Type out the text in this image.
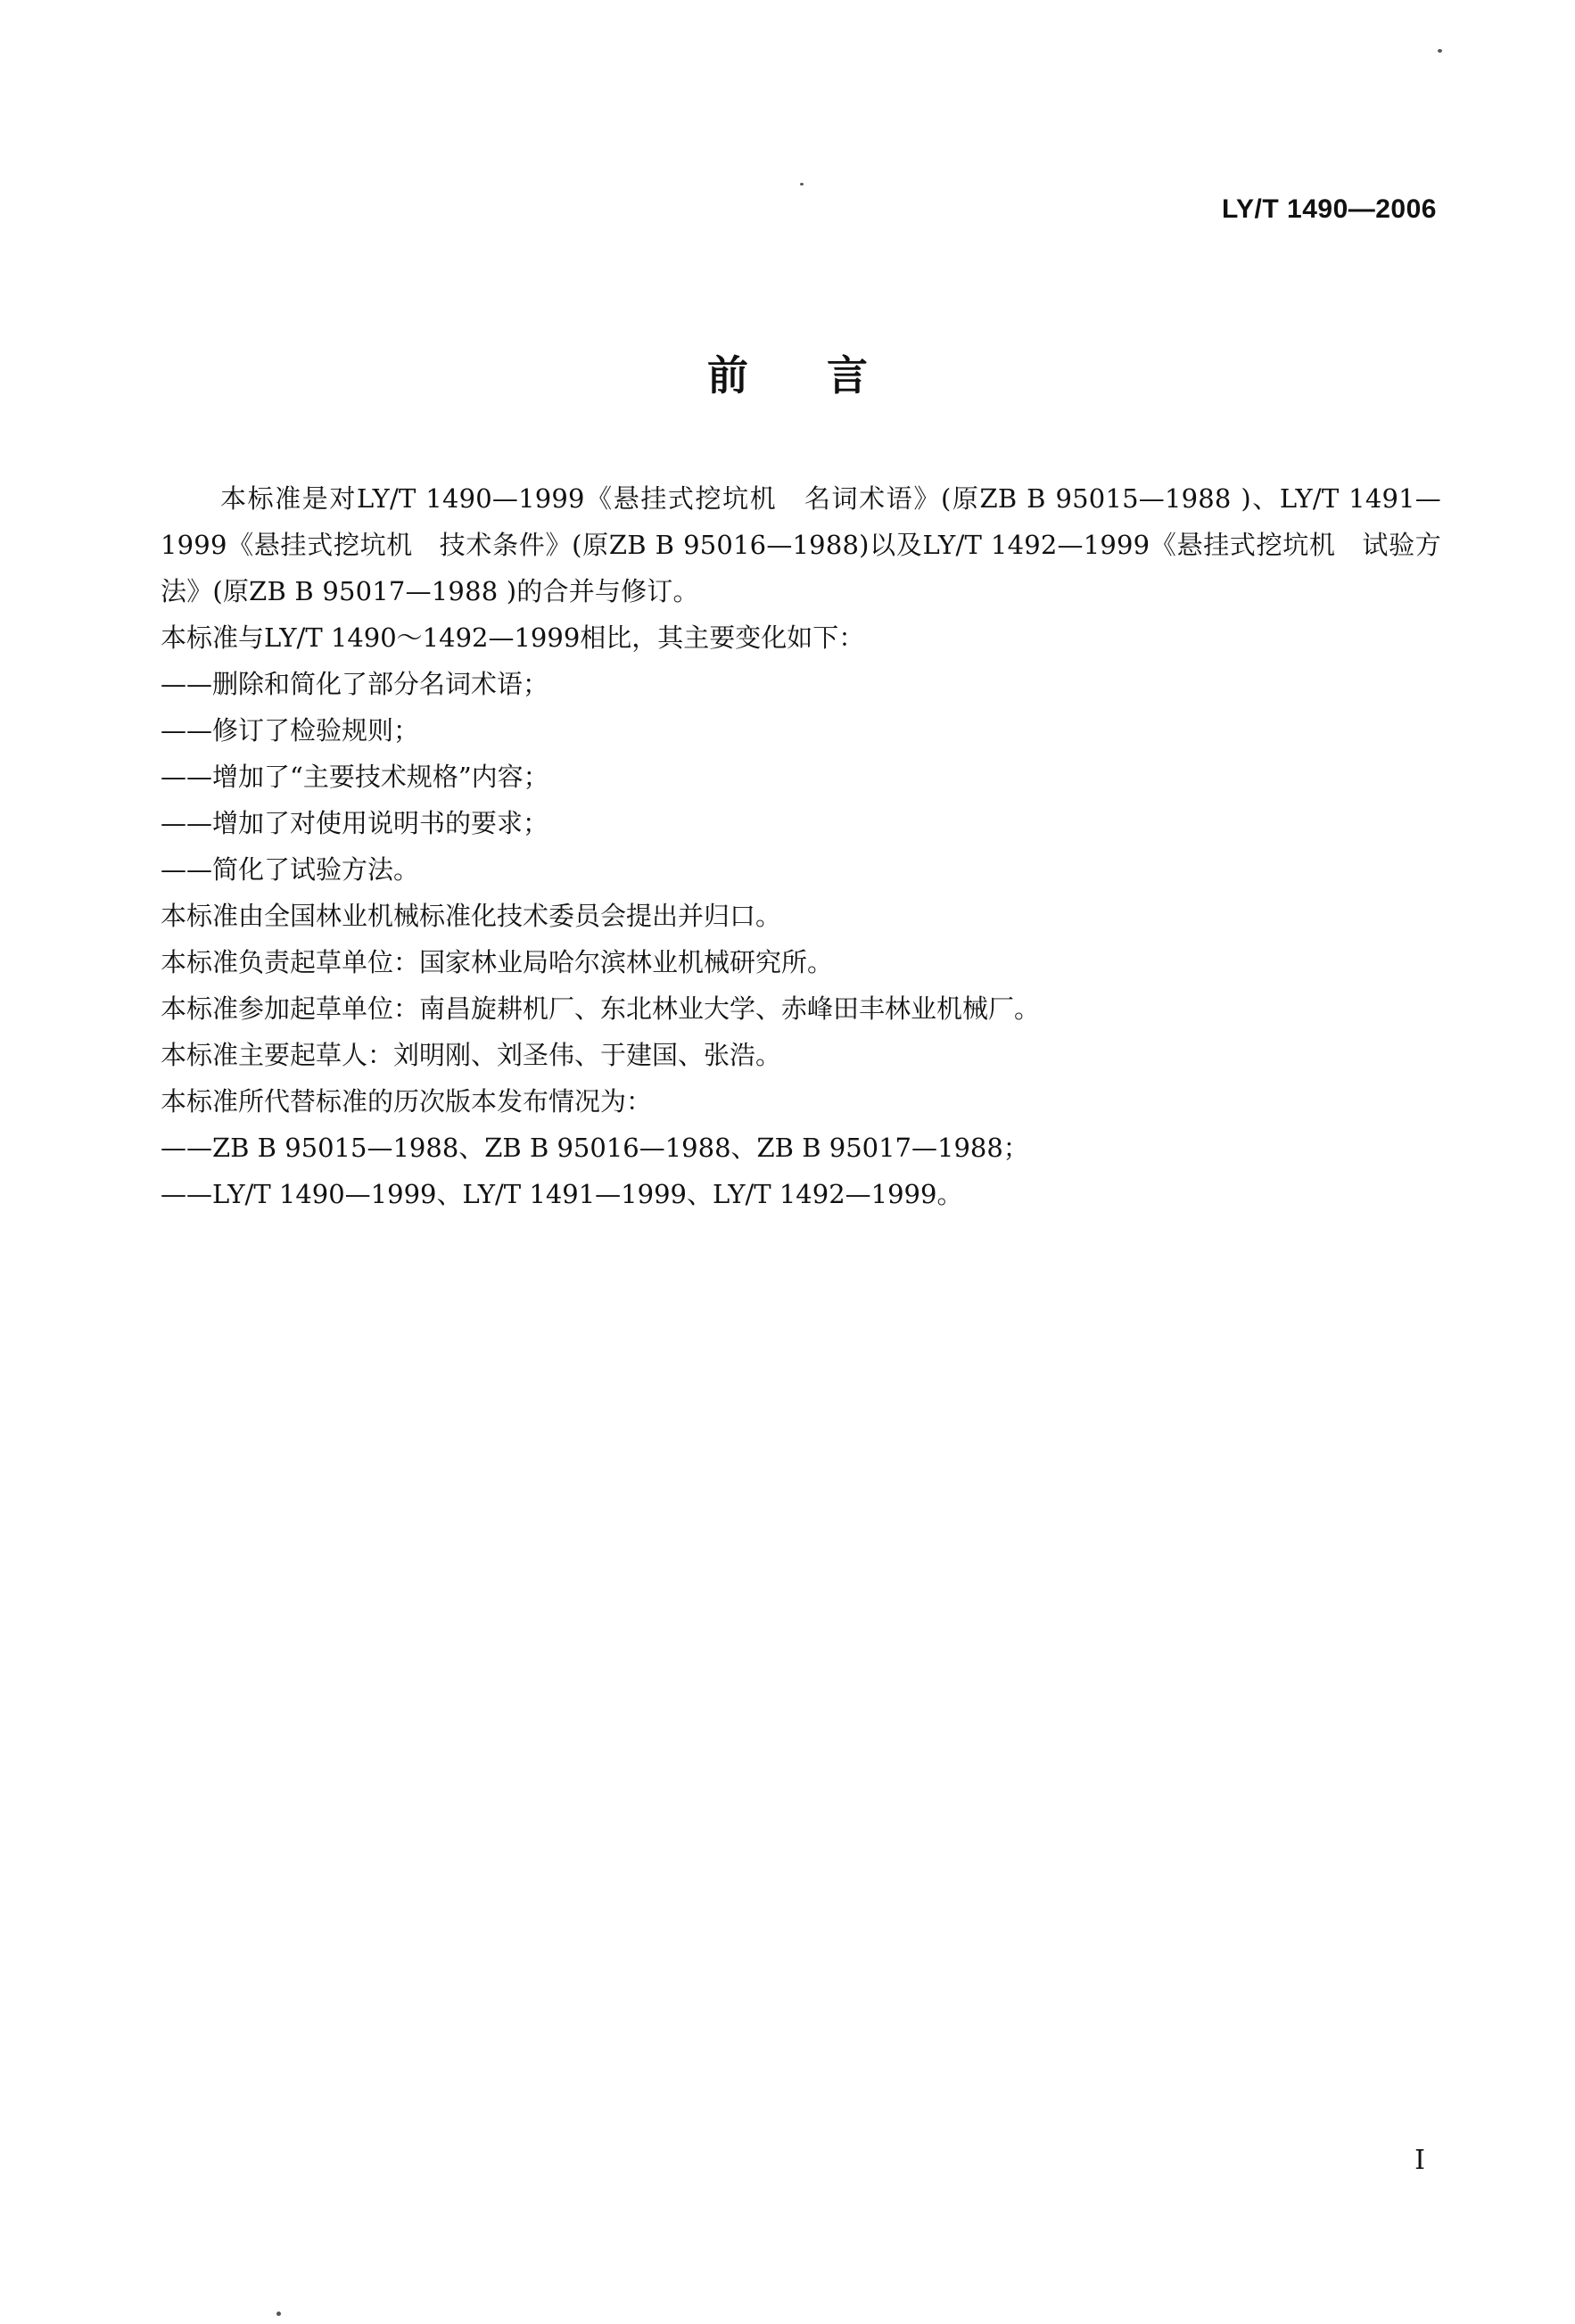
LY/T 1490—2006
前言

本标准是对LY/T 1490—1999《悬挂式挖坑机　名词术语》(原ZB B 95015—1988 )、LY/T 1491—1999《悬挂式挖坑机　技术条件》(原ZB B 95016—1988)以及LY/T 1492—1999《悬挂式挖坑机　试验方法》(原ZB B 95017—1988 )的合并与修订。

本标准与LY/T 1490～1492—1999相比，其主要变化如下：

——删除和简化了部分名词术语；

——修订了检验规则；

——增加了“主要技术规格”内容；

——增加了对使用说明书的要求；

——简化了试验方法。

本标准由全国林业机械标准化技术委员会提出并归口。

本标准负责起草单位：国家林业局哈尔滨林业机械研究所。

本标准参加起草单位：南昌旋耕机厂、东北林业大学、赤峰田丰林业机械厂。

本标准主要起草人：刘明刚、刘圣伟、于建国、张浩。

本标准所代替标准的历次版本发布情况为：

——ZB B 95015—1988、ZB B 95016—1988、ZB B 95017—1988；

——LY/T 1490—1999、LY/T 1491—1999、LY/T 1492—1999。

I
